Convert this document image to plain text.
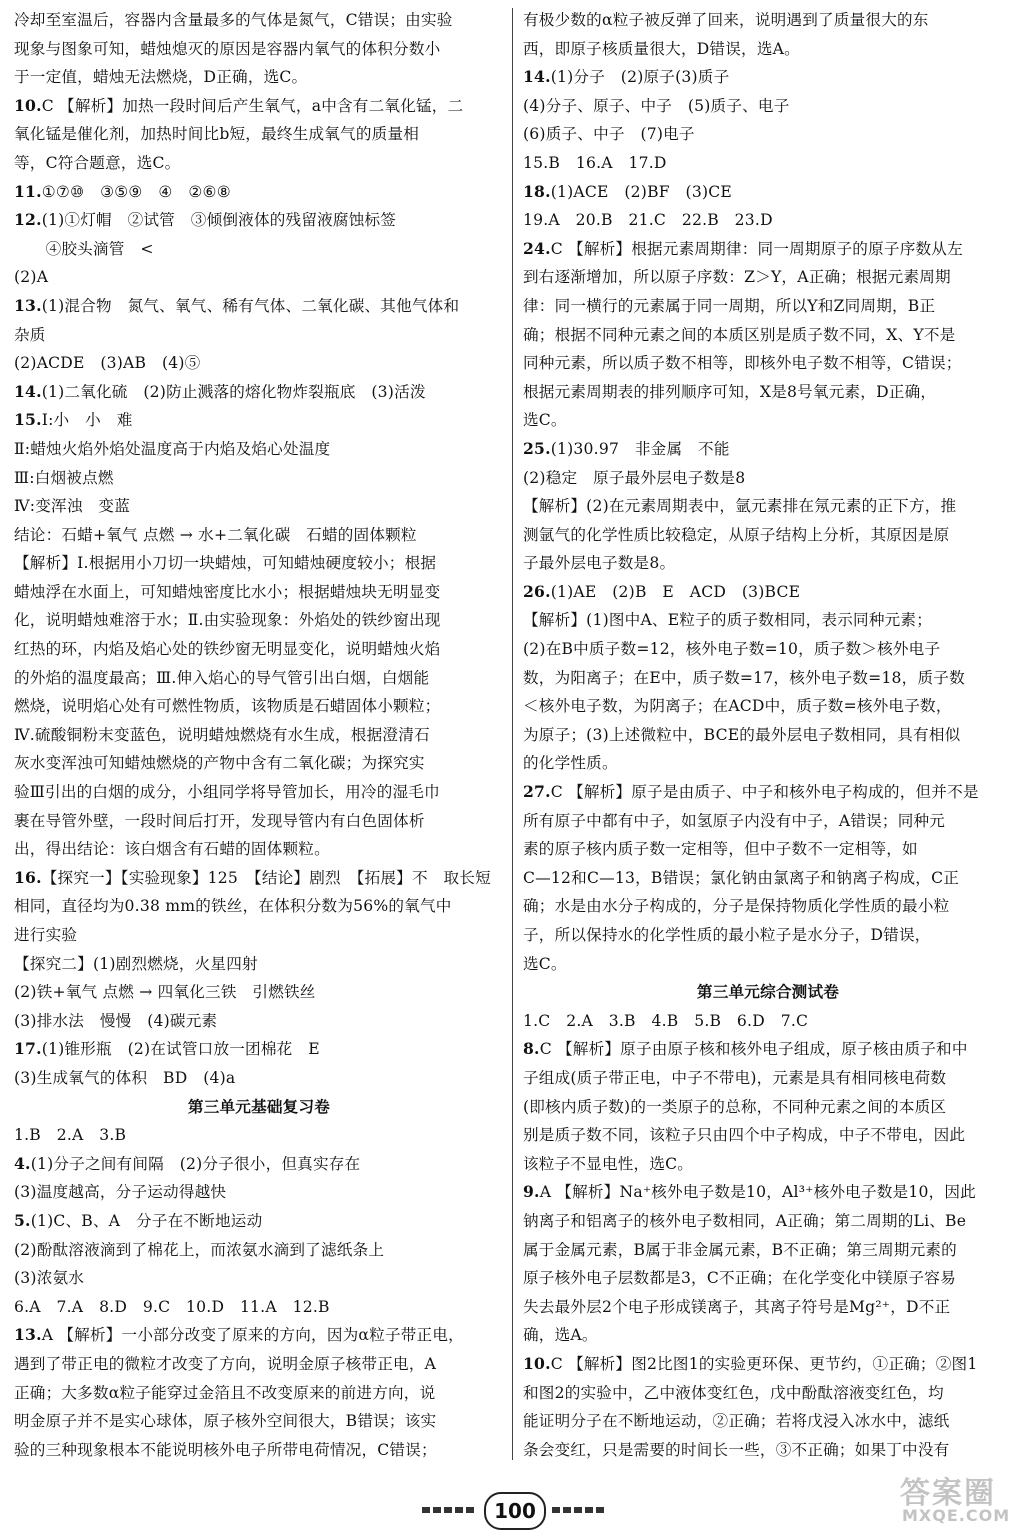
冷却至室温后，容器内含量最多的气体是氮气，C错误；由实验
现象与图象可知，蜡烛熄灭的原因是容器内氧气的体积分数小
于一定值，蜡烛无法燃烧，D正确，选C。
10.C 【解析】加热一段时间后产生氧气，a中含有二氧化锰，二
氧化锰是催化剂，加热时间比b短，最终生成氧气的质量相
等，C符合题意，选C。
11.①⑦⑩　③⑤⑨　④　②⑥⑧
12.(1)①灯帽　②试管　③倾倒液体的残留液腐蚀标签
　　④胶头滴管　<
(2)A
13.(1)混合物　氮气、氧气、稀有气体、二氧化碳、其他气体和
杂质
(2)ACDE　(3)AB　(4)⑤
14.(1)二氧化硫　(2)防止溅落的熔化物炸裂瓶底　(3)活泼
15.Ⅰ:小　小　难
Ⅱ:蜡烛火焰外焰处温度高于内焰及焰心处温度
Ⅲ:白烟被点燃
Ⅳ:变浑浊　变蓝
结论：石蜡+氧气 点燃 → 水+二氧化碳　石蜡的固体颗粒
【解析】Ⅰ.根据用小刀切一块蜡烛，可知蜡烛硬度较小；根据
蜡烛浮在水面上，可知蜡烛密度比水小；根据蜡烛块无明显变
化，说明蜡烛难溶于水；Ⅱ.由实验现象：外焰处的铁纱窗出现
红热的环，内焰及焰心处的铁纱窗无明显变化，说明蜡烛火焰
的外焰的温度最高；Ⅲ.伸入焰心的导气管引出白烟，白烟能
燃烧，说明焰心处有可燃性物质，该物质是石蜡固体小颗粒；
Ⅳ.硫酸铜粉末变蓝色，说明蜡烛燃烧有水生成，根据澄清石
灰水变浑浊可知蜡烛燃烧的产物中含有二氧化碳；为探究实
验Ⅲ引出的白烟的成分，小组同学将导管加长，用冷的湿毛巾
裹在导管外壁，一段时间后打开，发现导管内有白色固体析
出，得出结论：该白烟含有石蜡的固体颗粒。
16.【探究一】【实验现象】125　【结论】剧烈　【拓展】不　取长短
相同，直径均为0.38 mm的铁丝，在体积分数为56%的氧气中
进行实验
【探究二】(1)剧烈燃烧，火星四射
(2)铁+氧气 点燃 → 四氧化三铁　引燃铁丝
(3)排水法　慢慢　(4)碳元素
17.(1)锥形瓶　(2)在试管口放一团棉花　E
(3)生成氧气的体积　BD　(4)a
第三单元基础复习卷
1.B　2.A　3.B
4.(1)分子之间有间隔　(2)分子很小，但真实存在
(3)温度越高，分子运动得越快
5.(1)C、B、A　分子在不断地运动
(2)酚酞溶液滴到了棉花上，而浓氨水滴到了滤纸条上
(3)浓氨水
6.A　7.A　8.D　9.C　10.D　11.A　12.B
13.A 【解析】一小部分改变了原来的方向，因为α粒子带正电，
遇到了带正电的微粒才改变了方向，说明金原子核带正电，A
正确；大多数α粒子能穿过金箔且不改变原来的前进方向，说
明金原子并不是实心球体，原子核外空间很大，B错误；该实
验的三种现象根本不能说明核外电子所带电荷情况，C错误；
有极少数的α粒子被反弹了回来，说明遇到了质量很大的东
西，即原子核质量很大，D错误，选A。
14.(1)分子　(2)原子(3)质子
(4)分子、原子、中子　(5)质子、电子
(6)质子、中子　(7)电子
15.B　16.A　17.D
18.(1)ACE　(2)BF　(3)CE
19.A　20.B　21.C　22.B　23.D
24.C 【解析】根据元素周期律：同一周期原子的原子序数从左
到右逐渐增加，所以原子序数：Z＞Y，A正确；根据元素周期
律：同一横行的元素属于同一周期，所以Y和Z同周期，B正
确；根据不同种元素之间的本质区别是质子数不同，X、Y不是
同种元素，所以质子数不相等，即核外电子数不相等，C错误；
根据元素周期表的排列顺序可知，X是8号氧元素，D正确，
选C。
25.(1)30.97　非金属　不能
(2)稳定　原子最外层电子数是8
【解析】(2)在元素周期表中，氩元素排在氖元素的正下方，推
测氩气的化学性质比较稳定，从原子结构上分析，其原因是原
子最外层电子数是8。
26.(1)AE　(2)B　E　ACD　(3)BCE
【解析】(1)图中A、E粒子的质子数相同，表示同种元素；
(2)在B中质子数=12，核外电子数=10，质子数＞核外电子
数，为阳离子；在E中，质子数=17，核外电子数=18，质子数
＜核外电子数，为阴离子；在ACD中，质子数=核外电子数，
为原子；(3)上述微粒中，BCE的最外层电子数相同，具有相似
的化学性质。
27.C 【解析】原子是由质子、中子和核外电子构成的，但并不是
所有原子中都有中子，如氢原子内没有中子，A错误；同种元
素的原子核内质子数一定相等，但中子数不一定相等，如
C—12和C—13，B错误；氯化钠由氯离子和钠离子构成，C正
确；水是由水分子构成的，分子是保持物质化学性质的最小粒
子，所以保持水的化学性质的最小粒子是水分子，D错误，
选C。
第三单元综合测试卷
1.C　2.A　3.B　4.B　5.B　6.D　7.C
8.C 【解析】原子由原子核和核外电子组成，原子核由质子和中
子组成(质子带正电，中子不带电)，元素是具有相同核电荷数
(即核内质子数)的一类原子的总称，不同种元素之间的本质区
别是质子数不同，该粒子只由四个中子构成，中子不带电，因此
该粒子不显电性，选C。
9.A 【解析】Na⁺核外电子数是10，Al³⁺核外电子数是10，因此
钠离子和铝离子的核外电子数相同，A正确；第二周期的Li、Be
属于金属元素，B属于非金属元素，B不正确；第三周期元素的
原子核外电子层数都是3，C不正确；在化学变化中镁原子容易
失去最外层2个电子形成镁离子，其离子符号是Mg²⁺，D不正
确，选A。
10.C 【解析】图2比图1的实验更环保、更节约，①正确；②图1
和图2的实验中，乙中液体变红色，戊中酚酞溶液变红色，均
能证明分子在不断地运动，②正确；若将戊浸入冰水中，滤纸
条会变红，只是需要的时间长一些，③不正确；如果丁中没有
100	答案圈
MXQE.COM
